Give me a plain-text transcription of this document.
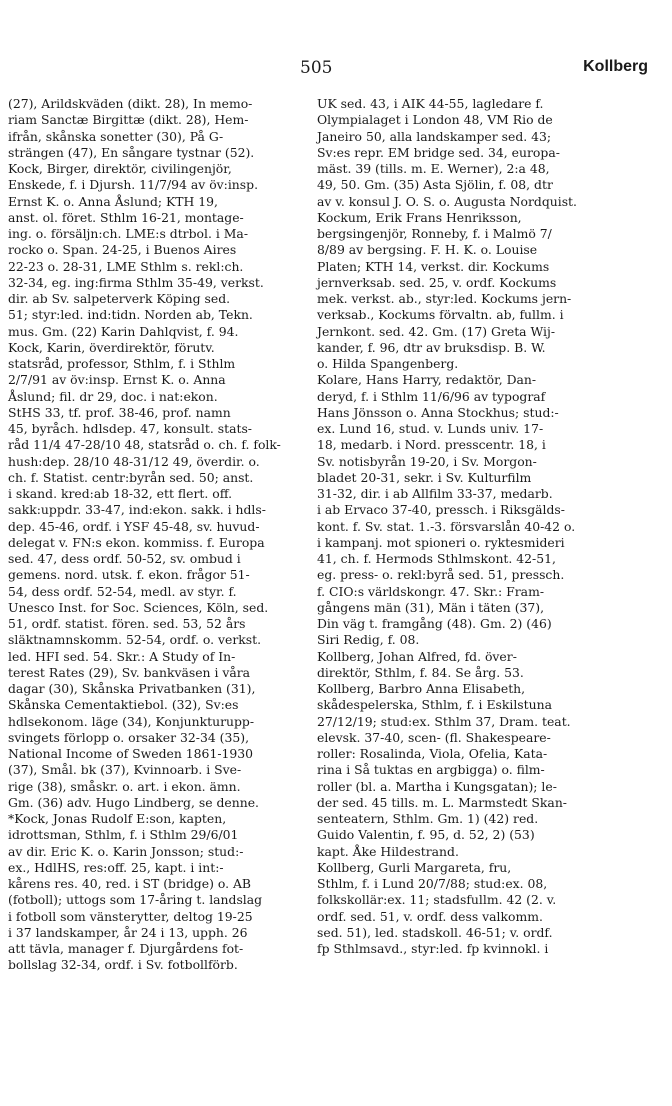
505	Kollberg
(27), Arildskväden (dikt. 28), In memo-
riam Sanctæ Birgittæ (dikt. 28), Hem-
ifrån, skånska sonetter (30), På G-
strängen (47), En sångare tystnar (52).
Kock, Birger, direktör, civilingenjör,
Enskede, f. i Djursh. 11/7/94 av öv:insp.
Ernst K. o. Anna Åslund; KTH 19,
anst. ol. föret. Sthlm 16-21, montage-
ing. o. försäljn:ch. LME:s dtrbol. i Ma-
rocko o. Span. 24-25, i Buenos Aires
22-23 o. 28-31, LME Sthlm s. rekl:ch.
32-34, eg. ing:firma Sthlm 35-49, verkst.
dir. ab Sv. salpeterverk Köping sed.
51; styr:led. ind:tidn. Norden ab, Tekn.
mus. Gm. (22) Karin Dahlqvist, f. 94.
Kock, Karin, överdirektör, förutv.
statsråd, professor, Sthlm, f. i Sthlm
2/7/91 av öv:insp. Ernst K. o. Anna
Åslund; fil. dr 29, doc. i nat:ekon.
StHS 33, tf. prof. 38-46, prof. namn
45, byråch. hdlsdep. 47, konsult. stats-
råd 11/4 47-28/10 48, statsråd o. ch. f. folk-
hush:dep. 28/10 48-31/12 49, överdir. o.
ch. f. Statist. centr:byrån sed. 50; anst.
i skand. kred:ab 18-32, ett flert. off.
sakk:uppdr. 33-47, ind:ekon. sakk. i hdls-
dep. 45-46, ordf. i YSF 45-48, sv. huvud-
delegat v. FN:s ekon. kommiss. f. Europa
sed. 47, dess ordf. 50-52, sv. ombud i
gemens. nord. utsk. f. ekon. frågor 51-
54, dess ordf. 52-54, medl. av styr. f.
Unesco Inst. for Soc. Sciences, Köln, sed.
51, ordf. statist. fören. sed. 53, 52 års
släktnamnskomm. 52-54, ordf. o. verkst.
led. HFI sed. 54. Skr.: A Study of In-
terest Rates (29), Sv. bankväsen i våra
dagar (30), Skånska Privatbanken (31),
Skånska Cementaktiebol. (32), Sv:es
hdlsekonom. läge (34), Konjunkturupp-
svingets förlopp o. orsaker 32-34 (35),
National Income of Sweden 1861-1930
(37), Smål. bk (37), Kvinnoarb. i Sve-
rige (38), småskr. o. art. i ekon. ämn.
Gm. (36) adv. Hugo Lindberg, se denne.
*Kock, Jonas Rudolf E:son, kapten,
idrottsman, Sthlm, f. i Sthlm 29/6/01
av dir. Eric K. o. Karin Jonsson; stud:-
ex., HdlHS, res:off. 25, kapt. i int:-
kårens res. 40, red. i ST (bridge) o. AB
(fotboll); uttogs som 17-åring t. landslag
i fotboll som vänsterytter, deltog 19-25
i 37 landskamper, år 24 i 13, upph. 26
att tävla, manager f. Djurgårdens fot-
bollslag 32-34, ordf. i Sv. fotbollförb.
UK sed. 43, i AIK 44-55, lagledare f.
Olympialaget i London 48, VM Rio de
Janeiro 50, alla landskamper sed. 43;
Sv:es repr. EM bridge sed. 34, europa-
mäst. 39 (tills. m. E. Werner), 2:a 48,
49, 50. Gm. (35) Asta Sjölin, f. 08, dtr
av v. konsul J. O. S. o. Augusta Nordquist.
Kockum, Erik Frans Henriksson,
bergsingenjör, Ronneby, f. i Malmö 7/
8/89 av bergsing. F. H. K. o. Louise
Platen; KTH 14, verkst. dir. Kockums
jernverksab. sed. 25, v. ordf. Kockums
mek. verkst. ab., styr:led. Kockums jern-
verksab., Kockums förvaltn. ab, fullm. i
Jernkont. sed. 42. Gm. (17) Greta Wij-
kander, f. 96, dtr av bruksdisp. B. W.
o. Hilda Spangenberg.
Kolare, Hans Harry, redaktör, Dan-
deryd, f. i Sthlm 11/6/96 av typograf
Hans Jönsson o. Anna Stockhus; stud:-
ex. Lund 16, stud. v. Lunds univ. 17-
18, medarb. i Nord. presscentr. 18, i
Sv. notisbyrån 19-20, i Sv. Morgon-
bladet 20-31, sekr. i Sv. Kulturfilm
31-32, dir. i ab Allfilm 33-37, medarb.
i ab Ervaco 37-40, pressch. i Riksgälds-
kont. f. Sv. stat. 1.-3. försvarslån 40-42 o.
i kampanj. mot spioneri o. ryktesmideri
41, ch. f. Hermods Sthlmskont. 42-51,
eg. press- o. rekl:byrå sed. 51, pressch.
f. CIO:s världskongr. 47. Skr.: Fram-
gångens män (31), Män i täten (37),
Din väg t. framgång (48). Gm. 2) (46)
Siri Redig, f. 08.
Kollberg, Johan Alfred, fd. över-
direktör, Sthlm, f. 84. Se årg. 53.
Kollberg, Barbro Anna Elisabeth,
skådespelerska, Sthlm, f. i Eskilstuna
27/12/19; stud:ex. Sthlm 37, Dram. teat.
elevsk. 37-40, scen- (fl. Shakespeare-
roller: Rosalinda, Viola, Ofelia, Kata-
rina i Så tuktas en argbigga) o. film-
roller (bl. a. Martha i Kungsgatan); le-
der sed. 45 tills. m. L. Marmstedt Skan-
senteatern, Sthlm. Gm. 1) (42) red.
Guido Valentin, f. 95, d. 52, 2) (53)
kapt. Åke Hildestrand.
Kollberg, Gurli Margareta, fru,
Sthlm, f. i Lund 20/7/88; stud:ex. 08,
folkskollär:ex. 11; stadsfullm. 42 (2. v.
ordf. sed. 51, v. ordf. dess valkomm.
sed. 51), led. stadskoll. 46-51; v. ordf.
fp Sthlmsavd., styr:led. fp kvinnokl. i
